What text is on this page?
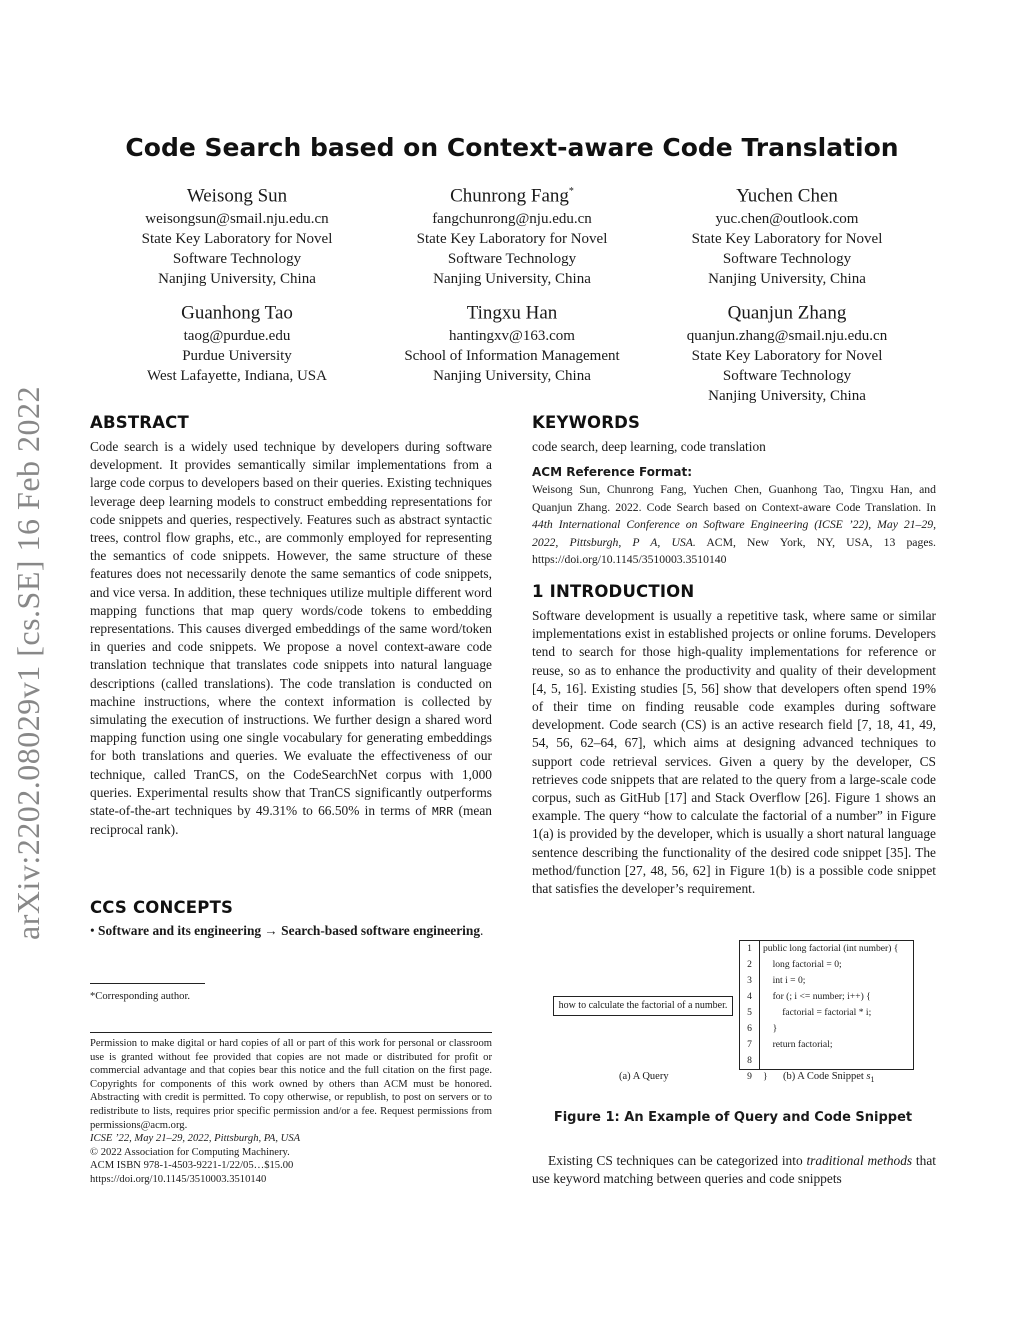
arXiv:2202.08029v1 [cs.SE] 16 Feb 2022
Code Search based on Context-aware Code Translation
Weisong Sun
weisongsun@smail.nju.edu.cn
State Key Laboratory for Novel
Software Technology
Nanjing University, China
Chunrong Fang*
fangchunrong@nju.edu.cn
State Key Laboratory for Novel
Software Technology
Nanjing University, China
Yuchen Chen
yuc.chen@outlook.com
State Key Laboratory for Novel
Software Technology
Nanjing University, China
Guanhong Tao
taog@purdue.edu
Purdue University
West Lafayette, Indiana, USA
Tingxu Han
hantingxv@163.com
School of Information Management
Nanjing University, China
Quanjun Zhang
quanjun.zhang@smail.nju.edu.cn
State Key Laboratory for Novel
Software Technology
Nanjing University, China
ABSTRACT
Code search is a widely used technique by developers during software development. It provides semantically similar implementations from a large code corpus to developers based on their queries. Existing techniques leverage deep learning models to construct embedding representations for code snippets and queries, respectively. Features such as abstract syntactic trees, control flow graphs, etc., are commonly employed for representing the semantics of code snippets. However, the same structure of these features does not necessarily denote the same semantics of code snippets, and vice versa. In addition, these techniques utilize multiple different word mapping functions that map query words/code tokens to embedding representations. This causes diverged embeddings of the same word/token in queries and code snippets. We propose a novel context-aware code translation technique that translates code snippets into natural language descriptions (called translations). The code translation is conducted on machine instructions, where the context information is collected by simulating the execution of instructions. We further design a shared word mapping function using one single vocabulary for generating embeddings for both translations and queries. We evaluate the effectiveness of our technique, called TranCS, on the CodeSearchNet corpus with 1,000 queries. Experimental results show that TranCS significantly outperforms state-of-the-art techniques by 49.31% to 66.50% in terms of MRR (mean reciprocal rank).
CCS CONCEPTS
• Software and its engineering → Search-based software engineering.
*Corresponding author.
Permission to make digital or hard copies of all or part of this work for personal or classroom use is granted without fee provided that copies are not made or distributed for profit or commercial advantage and that copies bear this notice and the full citation on the first page. Copyrights for components of this work owned by others than ACM must be honored. Abstracting with credit is permitted. To copy otherwise, or republish, to post on servers or to redistribute to lists, requires prior specific permission and/or a fee. Request permissions from permissions@acm.org.
ICSE ’22, May 21–29, 2022, Pittsburgh, PA, USA
© 2022 Association for Computing Machinery.
ACM ISBN 978-1-4503-9221-1/22/05…$15.00
https://doi.org/10.1145/3510003.3510140
KEYWORDS
code search, deep learning, code translation
ACM Reference Format:
Weisong Sun, Chunrong Fang, Yuchen Chen, Guanhong Tao, Tingxu Han, and Quanjun Zhang. 2022. Code Search based on Context-aware Code Translation. In 44th International Conference on Software Engineering (ICSE ’22), May 21–29, 2022, Pittsburgh, P A, USA. ACM, New York, NY, USA, 13 pages. https://doi.org/10.1145/3510003.3510140
1 INTRODUCTION
Software development is usually a repetitive task, where same or similar implementations exist in established projects or online forums. Developers tend to search for those high-quality implementations for reference or reuse, so as to enhance the productivity and quality of their development [4, 5, 16]. Existing studies [5, 56] show that developers often spend 19% of their time on finding reusable code examples during software development. Code search (CS) is an active research field [7, 18, 41, 49, 54, 56, 62–64, 67], which aims at designing advanced techniques to support code retrieval services. Given a query by the developer, CS retrieves code snippets that are related to the query from a large-scale code corpus, such as GitHub [17] and Stack Overflow [26]. Figure 1 shows an example. The query “how to calculate the factorial of a number” in Figure 1(a) is provided by the developer, which is usually a short natural language sentence describing the functionality of the desired code snippet [35]. The method/function [27, 48, 56, 62] in Figure 1(b) is a possible code snippet that satisfies the developer’s requirement.
how to calculate the factorial of a number.
1	public long factorial (int number) {
2	long factorial = 0;
3	int i = 0;
4	for (; i <= number; i++) {
5	factorial = factorial * i;
6	}
7	return factorial;
8
9	}
(a) A Query	(b) A Code Snippet $s_1$
Figure 1: An Example of Query and Code Snippet
Existing CS techniques can be categorized into traditional methods that use keyword matching between queries and code snippets
